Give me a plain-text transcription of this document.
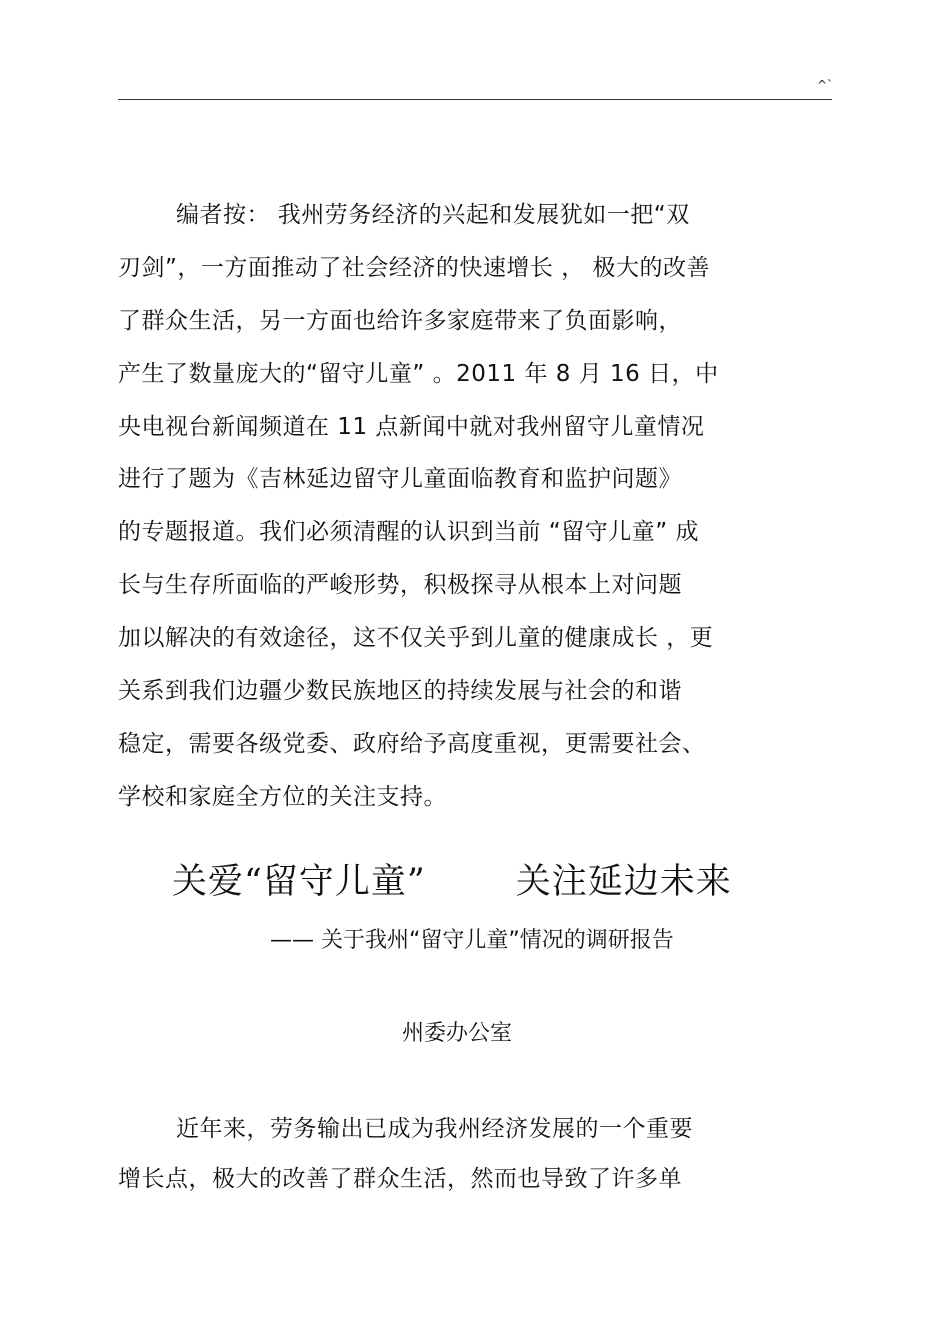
^`
编者按： 我州劳务经济的兴起和发展犹如一把“双
刃剑”，一方面推动了社会经济的快速增长 ， 极大的改善
了群众生活，另一方面也给许多家庭带来了负面影响，
产生了数量庞大的“留守儿童” 。2011 年 8 月 16 日，中
央电视台新闻频道在 11 点新闻中就对我州留守儿童情况
进行了题为《吉林延边留守儿童面临教育和监护问题》
的专题报道。我们必须清醒的认识到当前 “留守儿童” 成
长与生存所面临的严峻形势，积极探寻从根本上对问题
加以解决的有效途径，这不仅关乎到儿童的健康成长 ，更
关系到我们边疆少数民族地区的持续发展与社会的和谐
稳定，需要各级党委、政府给予高度重视，更需要社会、
学校和家庭全方位的关注支持。
关爱“留守儿童”	关注延边未来
—— 关于我州“留守儿童”情况的调研报告
州委办公室
近年来，劳务输出已成为我州经济发展的一个重要
增长点，极大的改善了群众生活，然而也导致了许多单
